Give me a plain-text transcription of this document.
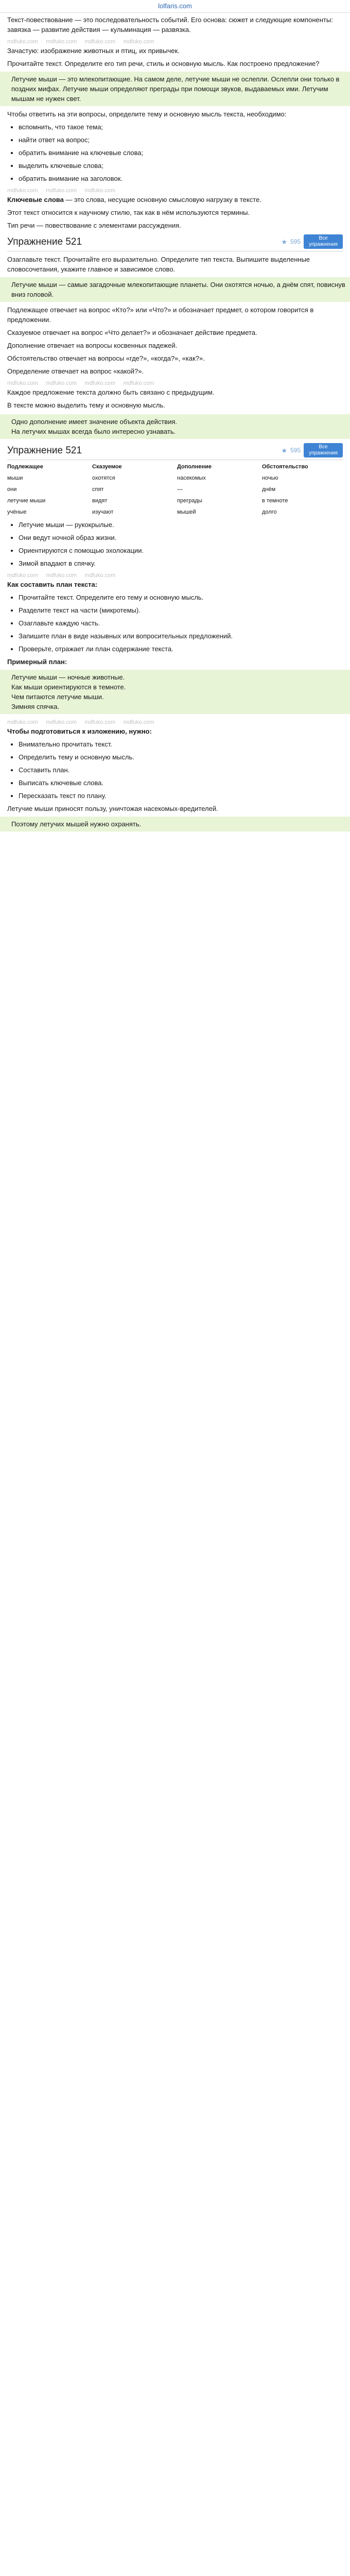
lolfaris.com

Текст-повествование — это последовательность событий. Его основа: сюжет и следующие компоненты: завязка — развитие действия — кульминация — развязка.

mdfuko.com mdfuko.com mdfuko.com mdfuko.com

Зачастую: изображение животных и птиц, их привычек.

Прочитайте текст. Определите его тип речи, стиль и основную мысль. Как построено предложение?

Летучие мыши — это млекопитающие. На самом деле, летучие мыши не ослепли. Ослепли они только в поздних мифах. Летучие мыши определяют преграды при помощи звуков, выдаваемых ими. Летучим мышам не нужен свет.

Чтобы ответить на эти вопросы, определите тему и основную мысль текста, необходимо:

• вспомнить, что такое тема;
• найти ответ на вопрос;
• обратить внимание на ключевые слова;
• выделить ключевые слова;
• обратить внимание на заголовок.
mdfuko.com mdfuko.com mdfuko.com

Ключевые слова — это слова, несущие основную смысловую нагрузку в тексте.

Этот текст относится к научному стилю, так как в нём используются термины.

Тип речи — повествование с элементами рассуждения.

Упражнение 521	★ 595	Все упражнения

Озаглавьте текст. Прочитайте его выразительно. Определите тип текста. Выпишите выделенные словосочетания, укажите главное и зависимое слово.

Летучие мыши — самые загадочные млекопитающие планеты. Они охотятся ночью, а днём спят, повиснув вниз головой.

Подлежащее отвечает на вопрос «Кто?» или «Что?» и обозначает предмет, о котором говорится в предложении.

Сказуемое отвечает на вопрос «Что делает?» и обозначает действие предмета.

Дополнение отвечает на вопросы косвенных падежей.

Обстоятельство отвечает на вопросы «где?», «когда?», «как?».

Определение отвечает на вопрос «какой?».

mdfuko.com mdfuko.com mdfuko.com mdfuko.com

Каждое предложение текста должно быть связано с предыдущим.

В тексте можно выделить тему и основную мысль.

Одно дополнение имеет значение объекта действия.
На летучих мышах всегда было интересно узнавать.
Упражнение 521	★ 595	Все упражнения
Подлежащее	Сказуемое	Дополнение	Обстоятельство
мыши	охотятся	насекомых	ночью
они	спят	—	днём
летучие мыши	видят	преграды	в темноте
учёные	изучают	мышей	долго
• Летучие мыши — рукокрылые.
• Они ведут ночной образ жизни.
• Ориентируются с помощью эхолокации.
• Зимой впадают в спячку.
mdfuko.com mdfuko.com mdfuko.com

Как составить план текста:

• Прочитайте текст. Определите его тему и основную мысль.
• Разделите текст на части (микротемы).
• Озаглавьте каждую часть.
• Запишите план в виде назывных или вопросительных предложений.
• Проверьте, отражает ли план содержание текста.

Примерный план:

Летучие мыши — ночные животные.
Как мыши ориентируются в темноте.
Чем питаются летучие мыши.
Зимняя спячка.
mdfuko.com mdfuko.com mdfuko.com mdfuko.com

Чтобы подготовиться к изложению, нужно:

• Внимательно прочитать текст.
• Определить тему и основную мысль.
• Составить план.
• Выписать ключевые слова.
• Пересказать текст по плану.

Летучие мыши приносят пользу, уничтожая насекомых-вредителей.

Поэтому летучих мышей нужно охранять.
